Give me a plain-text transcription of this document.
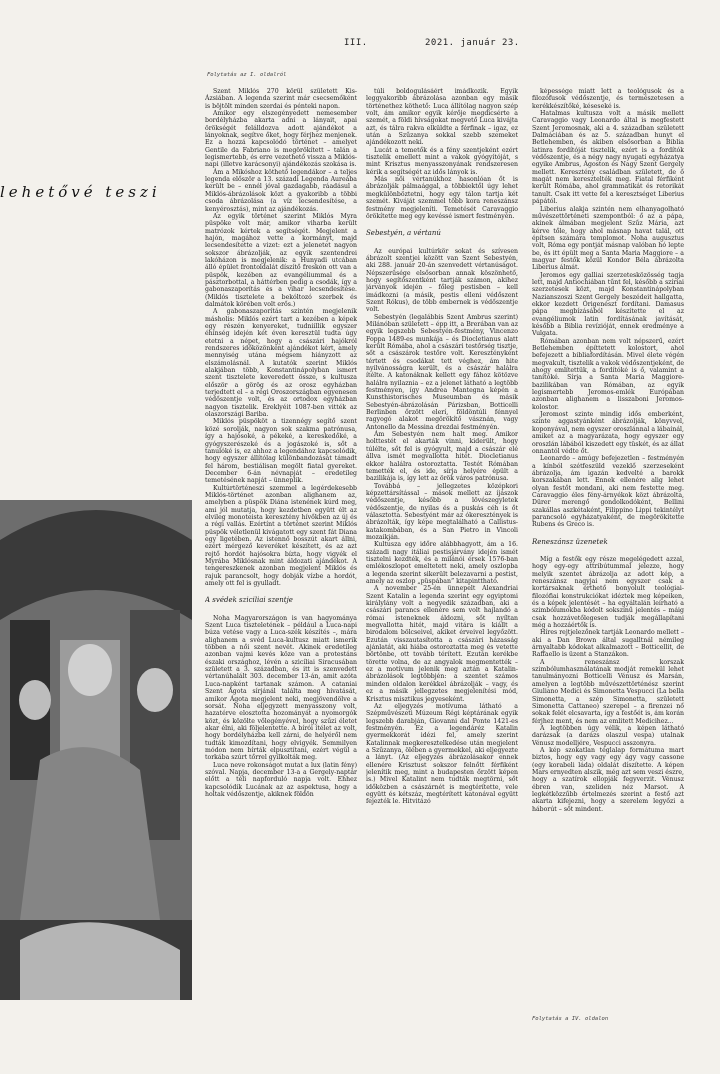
III.	2021. január 23.
Folytatás az I. oldalról
lehetővé teszi

Szent Miklós 270 körül született Kis-Ázsiában. A legenda szerint már csecsemőként is böjtölt minden szerdai és pénteki napon.

Amikor egy elszegényedett nemesember bordélyházba akarta adni a lányait, apai örökségét felálldozva adott ajándékot a lányoknak, segítve őket, hogy férjhez menjenek. Ez a hozzá kapcsolódó történet – amelyet Gentile da Fabriano is megörökített – talán a legismertebb, és erre vezethető vissza a Miklós-napi (illetve karácsonyi) ajándékozás szokása is.

Ám a Mikóshoz köthető legendákor – a teljes legenda először a 13. századi Legenda Aureába került be – ennél jóval gazdagabb, ráadásul a Miklós-ábrázolások közt a gyakoribb a többi csoda ábrázolása (a víz lecsendesítése, a kenyérosztás), mint az ajándékozás.

Az egyik történet szerint Miklós Myra püspöke volt már, amikor viharba került matrózok kértek a segítségét. Megjelent a hajón, magához vette a kormányt, majd lecsendesítette a vizet: ezt a jelenetet nagyon sokszor ábrázolják, az egyik szentendrei lakóházon is megjelenik: a Hunyadi utcában álló épület frontoldalát díszítő freskón ott van a püspök, kezében az evangéliummal és a pásztorbottal, a háttérben pedig a csodák, így a gabonaszaporítás és a vihar lecsendesítése. (Miklós tisztelete a bekóltozó szerbek és dalmátok körében volt erős.)

A gabonaszaporítás szintén megjelenik másholis: Miklós ezért tart a kezében a képek egy részén kenyereket, tudniillik egyszer éhínség idején két éven keresztül tudta úgy etetni a népet, hogy a császári hajókról rendszeres időközönként ajándékot kért, amely mennyiség utána mégsem hiányzott az elszámolásnál. A kutatók szerint Miklós alakjában több, Konstantinápolyban ismert szent tisztelete keveredett össze, s kultusza először a görög és az orosz egyházban terjedtett el – a régi Oroszországban egyenesen védőszentje volt, és az ortodox egyházban nagyon tisztelik. Ereklyéit 1087-ben vitték az olaszországi Bariba.

Miklós püspököt a tizennégy segítő szent közé sorolják, nagyon sok szakma patrónusa, így a hajósoké, a pékeké, a kereskedőké, a gyógyszerészeké és a jogászoké is, sőt a tanulóké is, ez ahhoz a legendához kapcsolódik, hogy egyszer állítólag különbandozását támadt fel három, bestiálisan megölt fiatal gyereket. December 6-án névnapját – eredetileg temetésének napját – ünneplik.

Kultúrtörténeszi szemmel a legérdekesebb Miklós-történet azonban alighanem az, amelyben a püspök Diána istenének kúrd meg, ami jól mutatja, hogy kezdetben együtt élt az elvileg monoteista keresztény hívőkben az új és a régi vallás. Ezértínt a történet szerint Miklós püspök véletlenül kivágatott egy szent fát Diana egy ligetében. Az istennő bosszút akart állni, ezért mérgező keveréket készített, és az azt rejtő hordót hajósokra bízta, hogy vigyék el Myrába Miklósnak mint áldozati ajándékot. A tengereszkenek azonban megjelent Miklós és rajuk parancsolt, hogy dobják vízbe a hordót, amely ott fel is gyulladt.

A svédek sziciliai szentje

Noha Magyarországon is van hagyománya Szent Luca tiszteletének – például a Luca-napi búza vetése vagy a Luca-szék készítés –, mára alighanem a svéd Luca-kultusz miatt ismerik többen a női szent nevét. Akinek eredetileg azonban vajmi kevés köze van a protestáns északi országhoz, lévén a szicíliai Siracusában született a 3. században, és itt is szenvedett vértanúhalált 303. december 13-án, amit azóta Luca-napként tartanak számon. A cataniai Szent Ágota sírjánál találta meg hivatását, amikor Ágota megjelent neki, megjövendölve a sorsát. Noha eljegyzett menyasszony volt, hazatérve elosztotta hozományát a nyomorgók közt, és közölte vőlegényével, hogy szűzi életet akar élni, aki följelentette. A bírói ítélet az volt, hogy bordélyházba kell zárni, de helyéről nem tudták kimozdítani, hogy elvigyék. Semmilyen módon nem bírták elpusztítani, ezért végül a torkába szúrt tőrrel gyilkolták meg.

Luca neve rokonságot mutat a lux (latin fény) szóval. Napja, december 13-a a Gergely-naptár előtt a téli napforduló napja volt. Ehhez kapcsolódik Lucának az az aspektusa, hogy a holtak védőszentje, akiknek földön

túli boldogulásáért imádkozik. Egyik leggyakoribb ábrázolása azonban egy másik történethez köthető: Luca állítólag nagyon szép volt, ám amikor egyik kérője megdicsérte a szemét, a földi hívságokat megvető Luca kivájta azt, és tálra rakva elküldte a férfinak – igaz, ez után a Szűzanya sokkal szebb szemeket ajándékozott neki.

Lucát a temetők és a fény szentjeként ezért tisztelik emellett mint a vakok gyógyítóját, s mint Krisztus menyasszonyának rendszeresen kérik a segítségét az idős lányok is.

Más női vértanúkhoz hasonlóan őt is ábrázolják pálmaággal, a többiektől úgy lehet megkülönböztetni, hogy egy tálon tartja két szemét. Kiváját szemmel több kora reneszánsz festmény megjeleníti. Temetését Caravaggio örökítette meg egy kevéssé ismert festményén.

Sebestyén, a vértanú

Az európai kultúrkör sokat és szívesen ábrázolt szentjei között van Szent Sebestyén, aki 288. január 20-án szenvedett vértanúságot. Népszerűsége elsősorban annak köszönhető, hogy segítőszentként tartják számon, akihez járványok idején – főleg pestisben – kell imádkozni (a másik, pestis elleni védőszent Szent Rókus), de több embernek is védőszentje volt.

Sebestyén (legalábbis Szent Ambrus szerint) Milánóban született – épp itt, a Brerában van az egyik legszebb Sebestyén-festmény, Vincenzo Foppa 1489-es munkája – és Diocletianus alatt került Rómába, ahol a császári testőrség tisztje, sőt a császárok testőre volt. Keresztényként tértett és csodákat tett véghez, ám hite nyilvánosságra került, és a császár halálra ítélte. A katonáknak kellett egy fához kötözve halálra nyilaznia – ez a jelenet látható a legtöbb festményen, így Andrea Mantegna képén a Kunsthistorisches Museumban és másik Sebestyén-ábrázolásán Párizsban, Botticelli Berlinben őrzött elerí, földöntúli fénnyel ragyogó alakot megörökítő vásznán, vagy Antonello da Messina drezdai festményén.

Ám Sebestyén nem halt meg. Amikor holttestét el akarták vinni, kiderült, hogy túlélte, sőt fel is gyógyult, majd a császár elé állva ismét megvallotta hitét. Diocletianus ekkor halálra ostoroztatta. Testét Rómában temették el, és ide, sírja helyére épült a bazilikája is, így lett az örök város patrónusa.

Továbbá – jellegzetes középkori képzettársítással – mások mellett az íjászok védőszentje, később a lövészegyletek védőszentje, de nyilas és a puskás céh is őt választotta. Sebestyént már az ókeresztények is ábrázolták, így képe megtalálható a Callistus-katakombában, és a San Pietro in Vincoli mozaikján.

Kultusza egy időre alábbhagyott, ám a 16. századi nagy itáliai pestisjárvány idején ismét tisztelni kezdték, és a milánói érsek 1576-ban emlékoszlopot emeltetett neki, amely oszlopba a legenda szerint sikerült belezavarni a pestist, amely az oszlop „püspában” kitapinttható.

A november 25-én ünnepelt Alexandriai Szent Katalin a legenda szerint egy egyiptomi királylány volt a negyedik században, aki a császári parancs ellenére sem volt hajlandó a római isteneknek áldozni, sőt nyíltan megvallotta hitét, majd vitára is kiállt a birodalom bölcseivel, akiket érveivel legyőzött. Ezután visszautasította a császári házasság ajánlatát, aki hiába ostoroztatta meg és vetette börtönbe, ott tovább térített. Ezután kerékbe törette volna, de az angyalok megmentették – ez a motívum jelenik meg aztán a Katalin-ábrázolások legtöbbjén: a szentet számos minden oldalon kerékkel ábrázolják – vagy, és ez a másik jellegzetes megjelenítési mód, Krisztus misztikus jegyeseként.

Az eljegyzés motívuma látható a Szépművészeti Múzeum Régi képtárának egyik legszebb darabján, Giovanni dal Ponte 1421-es festményén. Ez a legendáréz Katalin gyermekkorát idézi fel, amely szerint Katalinnak megkeresztelkedése után megjelent a Szűzanya, ölében a gyermekkel, aki eljegyezte a lányt. (Az eljegyzés ábrázolásakor ennek ellenére Krisztust sokszor felnőtt férfiként jelenítik meg, mint a budapesten őrzött képen is.) Mivel Katalint nem tudták megtörni, sőt időközben a császárnét is megtérítette, vele együtt és kétszáz, megtérített katonával együtt fejezték le. Hitvitázó

képessége miatt lett a teológusok és a filozófusok védőszentje, és természetesen a kerékkészítőké, késeseké is.

Hatalmas kultusza volt a másik mellett Caravaggio vagy Leonardo által is megfestett Szent Jeromosnak, aki a 4. században született Dalmáciában és az 5. században hunyt el Betlehemben, és akiben elsősorban a Biblia latinra fordítóját tisztelik, ezért is a fordítók védőszentje, és a négy nagy nyugati egyházatya egyike Ambrus, Ágoston és Nagy Szent Gergely mellett. Keresztény családban született, de ő magát nem keresztelték meg. Fiatal férfiként került Rómába, ahol grammatikát és retorikát tanult. Csak itt vette fel a keresztséget Liberius pápától.

Liberius alakja szintén nem elhanyagolható művészettörténeti szempontból: ő az a pápa, akinek álmában megjelent Szűz Mária, azt kérve tőle, hogy ahol másnap havat talál, ott építsen számára templomot. Noha augusztus volt, Róma egy pontját másnap valóban hó lepte be, és itt épült meg a Santa Maria Maggiore – a magyar festők közül Kondor Béla ábrázolta Liberius álmát.

Jeromos egy galliai szerzetesközösség tagja lett, majd Antiochiában tűnt fel, később a szíriai szerzetesek közt, majd Konstantinápolyban Nazianszoszi Szent Gergely beszédeit hallgatta, ekkor kezdett Órigenészt fordítani. Damasus pápa megbízásából készítette el az evangéliumok latin fordításának javítását, később a Biblia revízióját, ennek eredménye a Vulgata.

Rómában azonban nem volt népszerű, ezért Betlehemben építtetett kolostort, ahol befejezett a bibliafordításán. Mivel élete végén megvakult, tisztelik a vakok védőszentjeként, de ahogy említettük, a fordítóké is ő, valamint a tanítóké. Sírja a Santa Maria Maggiore-bazilikában van Rómában, az egyik legismertebb Jeromos-emlék Európában azonban alighanem a lisszaboni Jeromos-kolostor.

Jeromost szinte mindig idős emberként, szinte aggastyánként ábrázolják, könyvvel, koponyával, nem egyszer oroszlánnal a lábainál, amiket az a magyarázata, hogy egyszer egy oroszlán lábából kiszedett egy tüskét, és az állat onnantól védte őt.

Leonardo – amúgy befejezetlen – festményén a kínból szétfeszüld vezeklő szerzeseként ábrázolja, ám igazán kedvelté a barokk korszakában lett. Ennek ellenére alig lehet olyan festőt mondani, aki nem festette meg. Caravaggio éles fény-árnyékok közt ábrázolta, Dürer merengő gondolkodóként, Bellini szakállas aszkétaként, Filippino Lippi tekintélyt parancsoló egyházatyaként, de megörökítette Rubens és Greco is.

Reneszánsz üzenetek

Míg a festők egy része megelégedett azzal, hogy egy-egy attribútummal jelezze, hogy melyik szentet ábrázolja az adott kép, a reneszánsz nagyjai nem egyszer csak a kortársaknak érthető bonyolult teológiai-filozófiai konstrukciókat idéztek meg képeiken, és a képek jelentését – ha egyáltalán leírható a szimbólumokba kódolt sokszínű jelentés – máig csak hozzávetőlegesen tudják megállapítani még a hozzáértők is.

Híres rejtjelezőnek tartják Leonardo mellett – aki a Dan Brown által sugalltnál némileg árnyaltabb kódokat alkalmazott – Botticellit, de Raffaello is üzent a Stanzákon.

A reneszánsz korszak szimbólumhasználatának modját remekül lehet tanulmányozni Botticelli Vénusz és Marsán, amelyen a legtöbb művészettörténész szerint Giuliano Medici és Simonetta Vespucci (La bella Simonetta, a szép Simonetta, született Simonetta Cattaneo) szerepel – a firenzei nő sokak felét elcsavarta, így a festőét is, ám korán férjhez ment, és nem az emlitett Medicihez...

A legtöbben úgy vélik, a képen látható darázsak (a darázs olaszul vespa) utalnak Vénusz modelljére, Vespucci asszonyra.

A kép szokatlan téglalap formátuma mart biztos, hogy egy vagy egy ágy vagy cassone (egy korabeli láda) oldalát díszítette. A képen Mars ernyedten alszik, még azt sem veszi észre, hogy a szatírok ellopják fegyverzit. Vénusz ébren van, szeliden néz Marsot. A legkétközzűbb értelmezés szerint a festő azt akarta kifejezni, hogy a szerelem legyőzi a háborút – sőt mindent.

Folytatás a IV. oldalon
